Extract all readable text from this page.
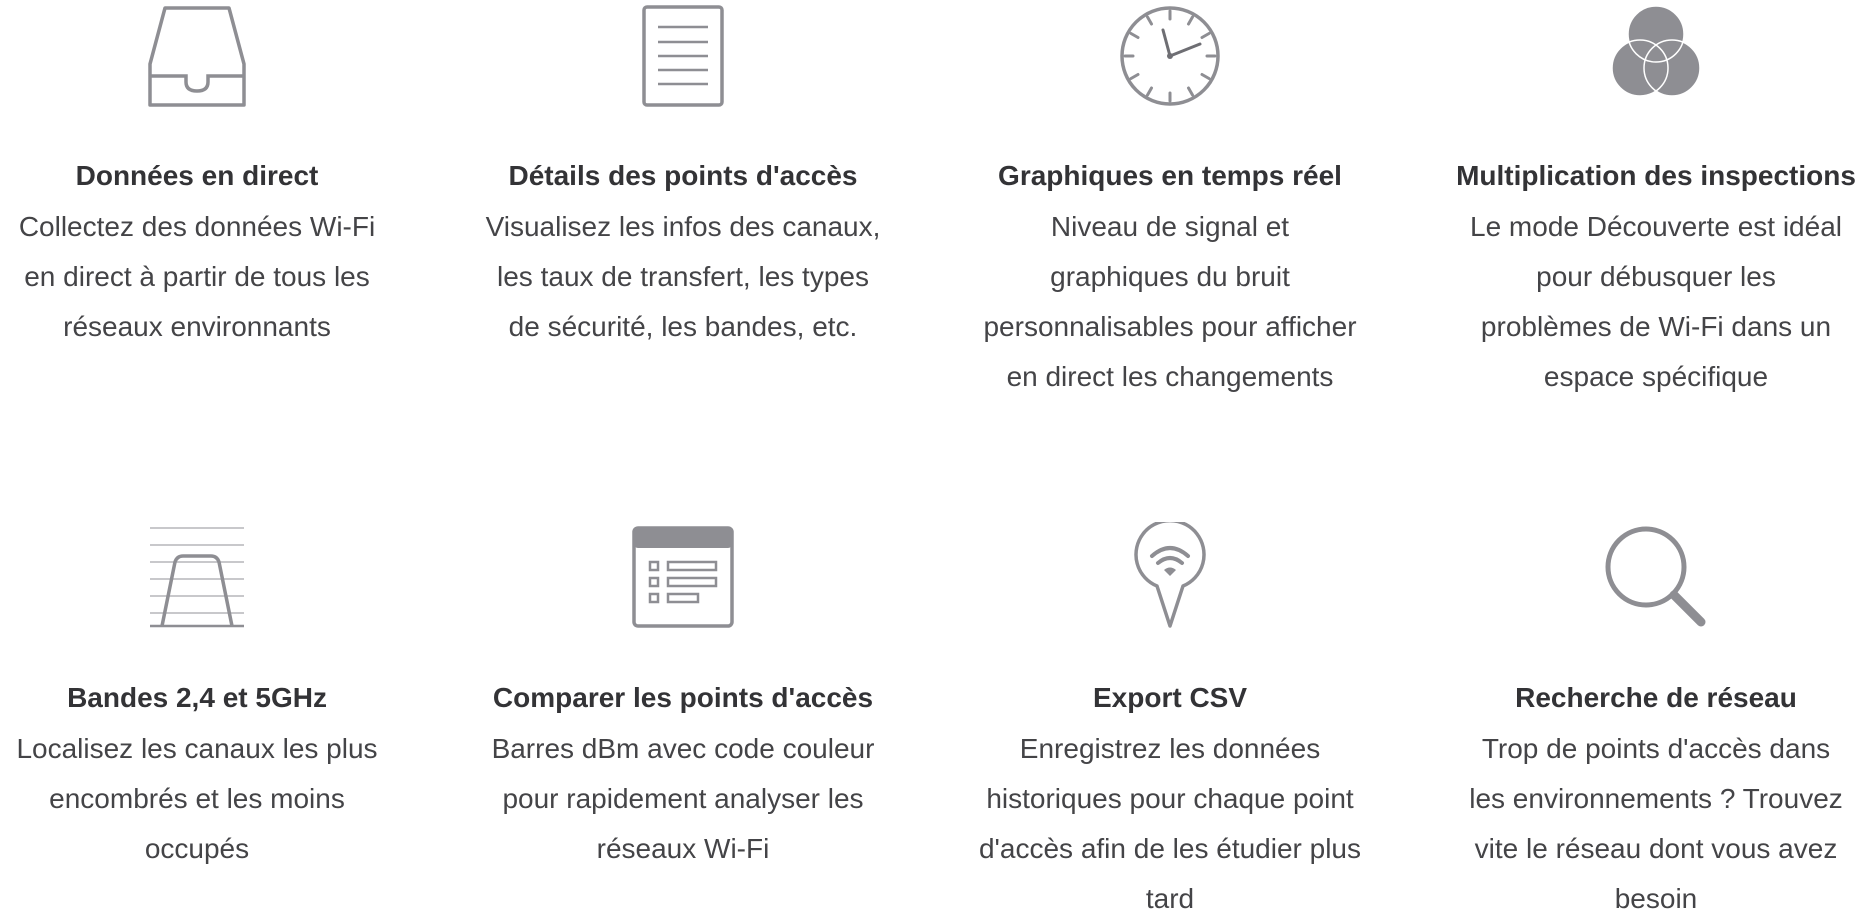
Données en direct

Collectez des données Wi-Fi

en direct à partir de tous les

réseaux environnants

Détails des points d'accès

Visualisez les infos des canaux,

les taux de transfert, les types

de sécurité, les bandes, etc.

Graphiques en temps réel

Niveau de signal et

graphiques du bruit

personnalisables pour afficher

en direct les changements

Multiplication des inspections

Le mode Découverte est idéal

pour débusquer les

problèmes de Wi-Fi dans un

espace spécifique

Bandes 2,4 et 5GHz

Localisez les canaux les plus

encombrés et les moins

occupés

Comparer les points d'accès

Barres dBm avec code couleur

pour rapidement analyser les

réseaux Wi-Fi

Export CSV

Enregistrez les données

historiques pour chaque point

d'accès afin de les étudier plus

tard

Recherche de réseau

Trop de points d'accès dans

les environnements ? Trouvez

vite le réseau dont vous avez

besoin
